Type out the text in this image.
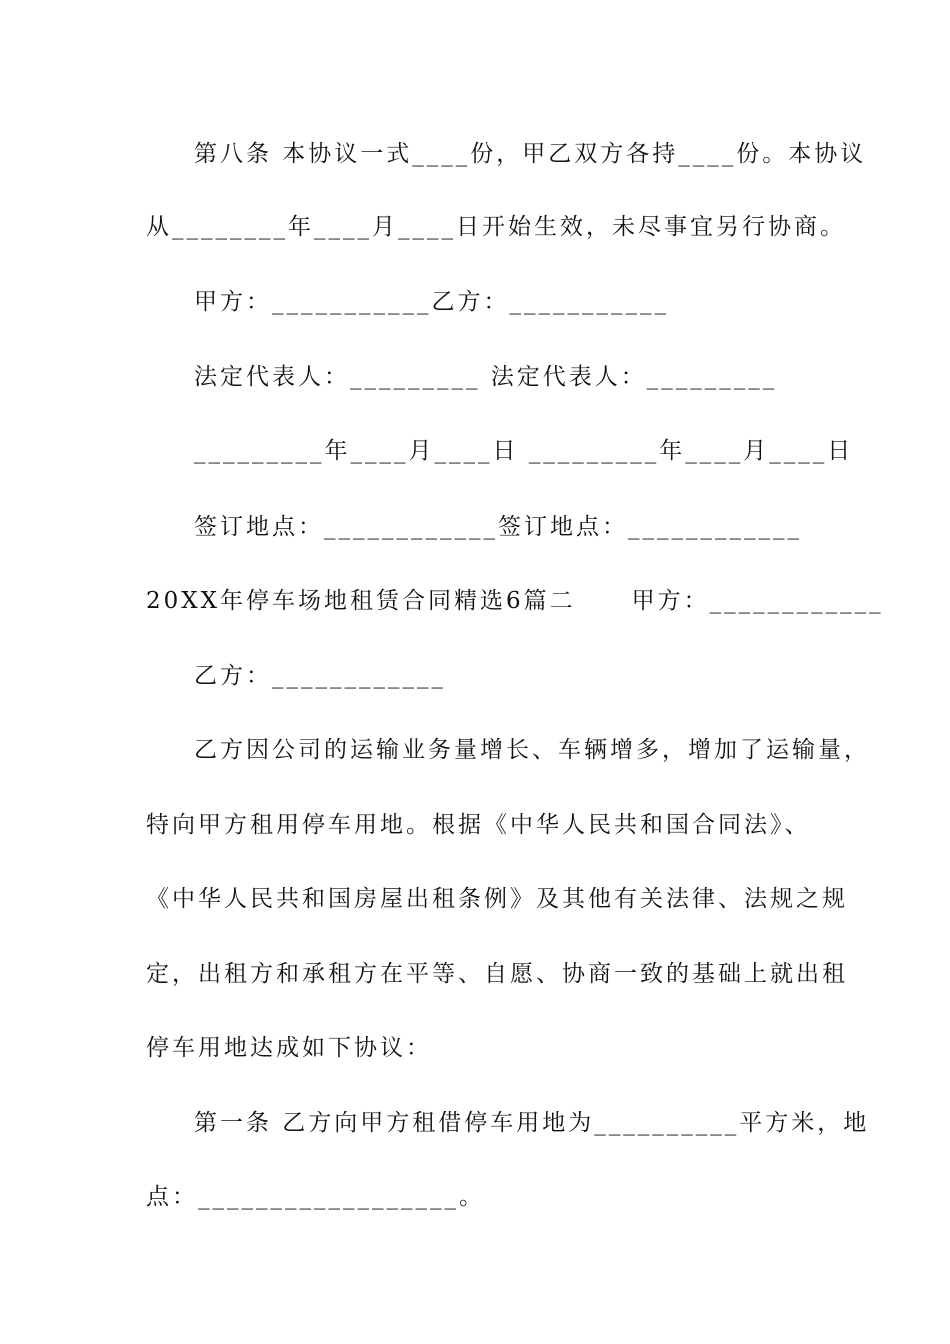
第八条 本协议一式____份，甲乙双方各持____份。本协议
从________年____月____日开始生效，未尽事宜另行协商。
甲方：___________乙方：___________
法定代表人：_________ 法定代表人：_________
_________年____月____日 _________年____月____日
签订地点：____________签订地点：____________
20XX年停车场地租赁合同精选6篇二 甲方：____________
乙方：____________
乙方因公司的运输业务量增长、车辆增多，增加了运输量，
特向甲方租用停车用地。根据《中华人民共和国合同法》、
《中华人民共和国房屋出租条例》及其他有关法律、法规之规
定，出租方和承租方在平等、自愿、协商一致的基础上就出租
停车用地达成如下协议：
第一条 乙方向甲方租借停车用地为__________平方米，地
点：__________________。
